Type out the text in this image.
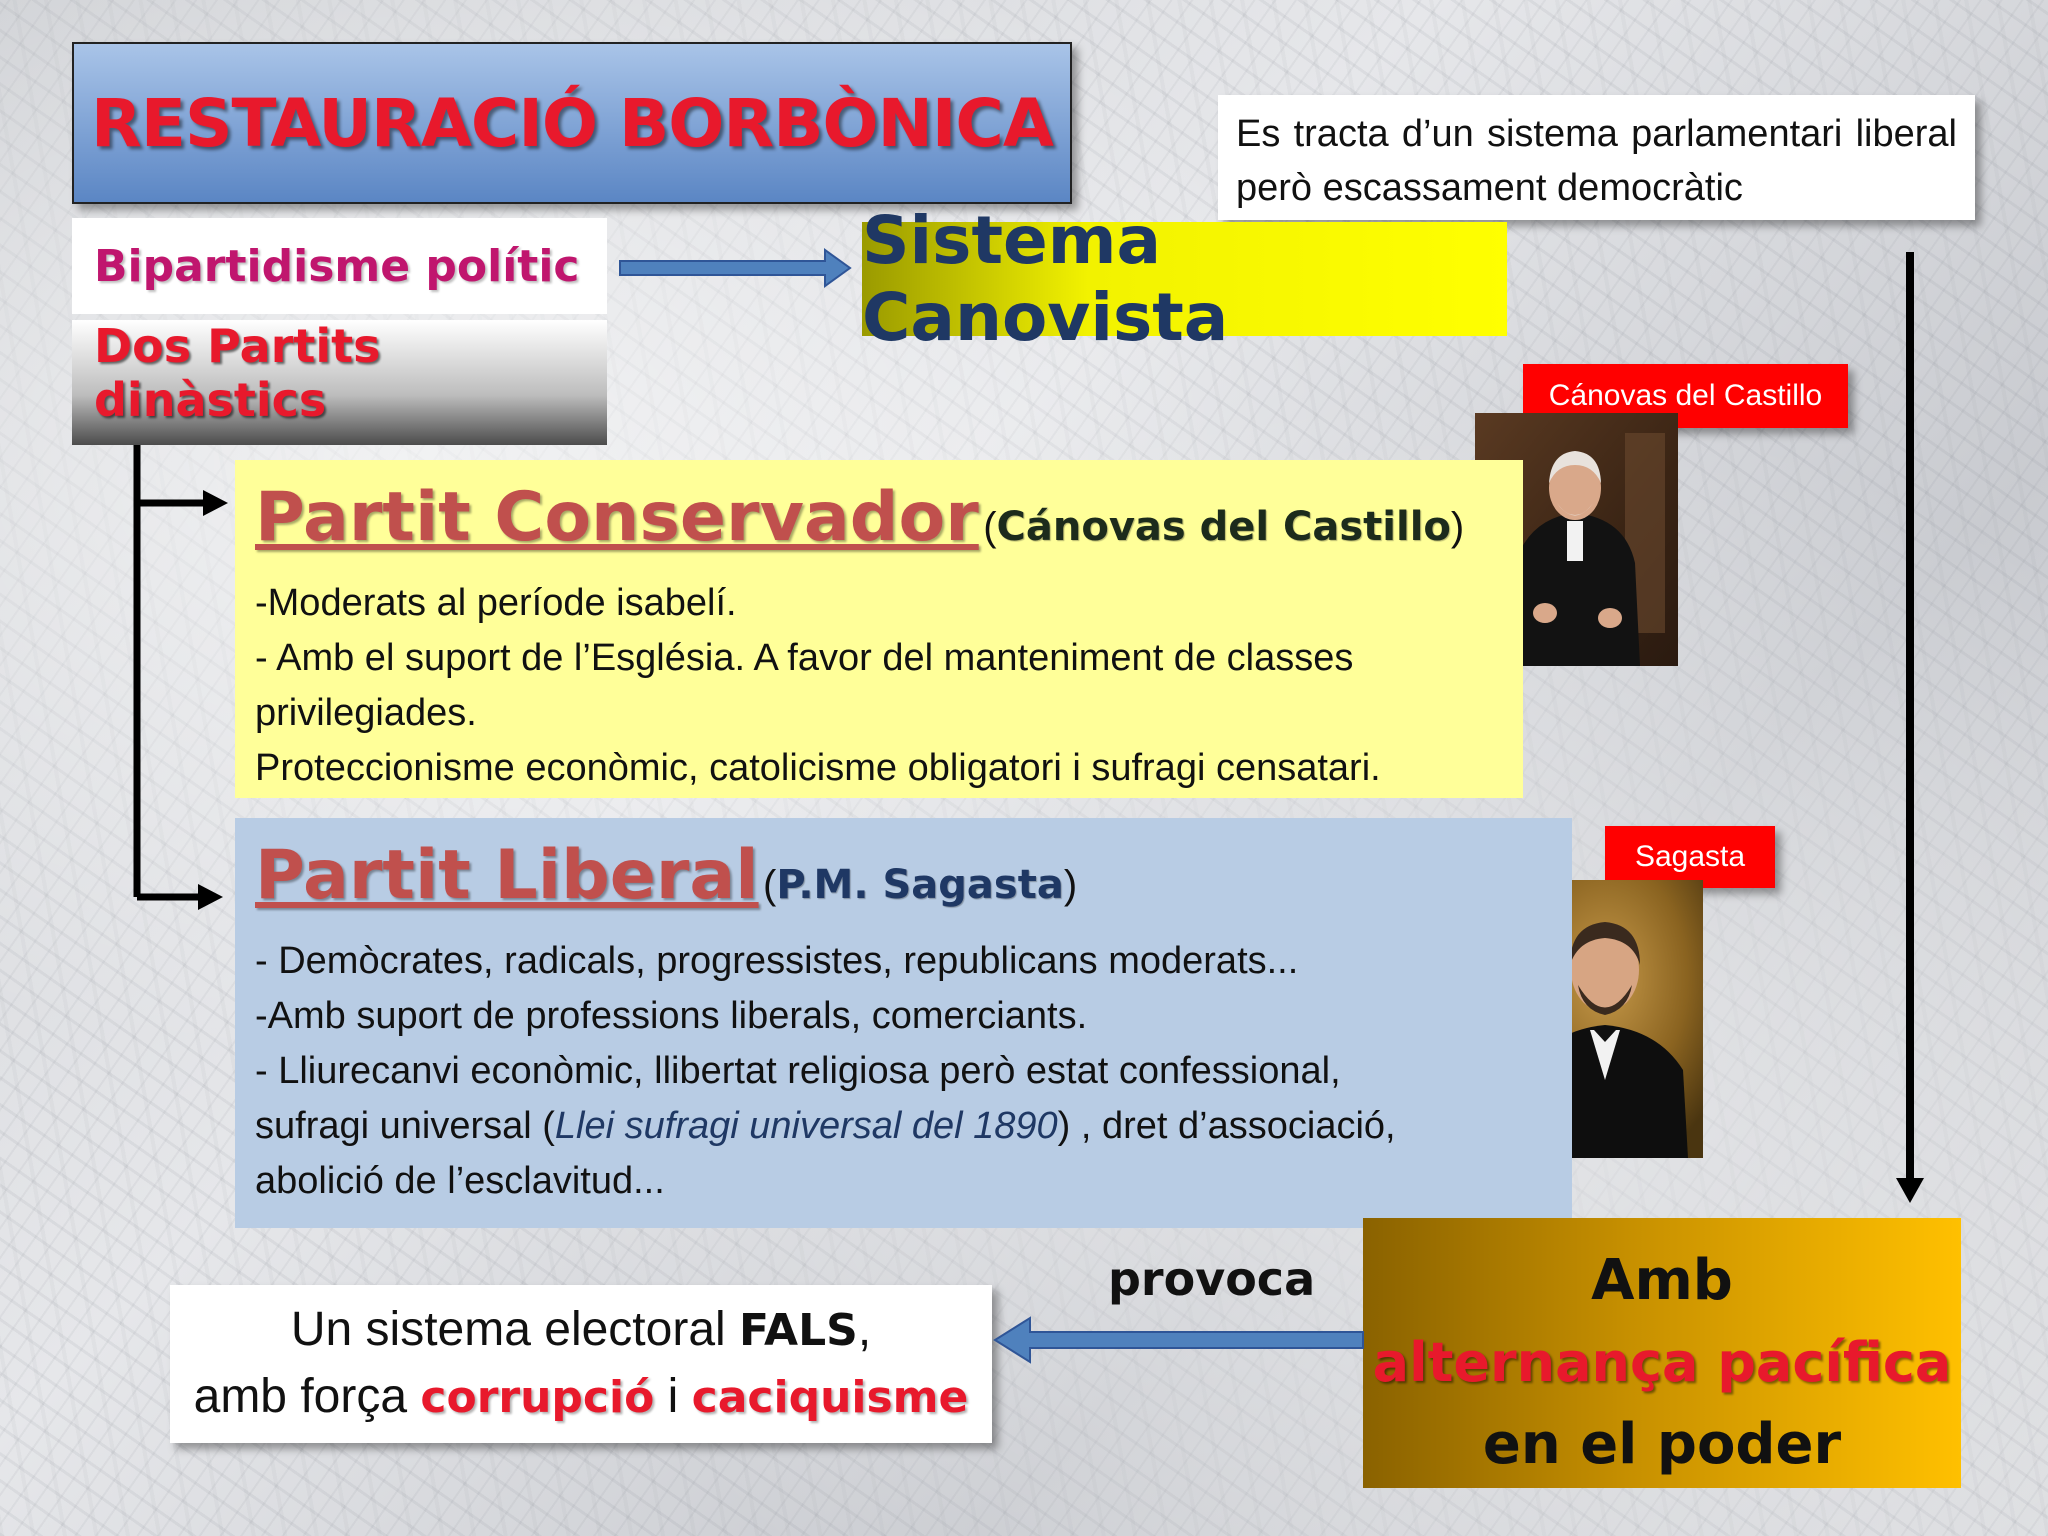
RESTAURACIÓ BORBÒNICA	Es tracta d’un sistema parlamentari liberal però escassament democràtic
Bipartidisme polític
Dos Partits dinàstics
Sistema Canovista
Cánovas del Castillo
Sagasta
Partit Conservador (Cánovas del Castillo)
-Moderats al període isabelí.
- Amb el suport de l’Església. A favor del manteniment de classes
privilegiades.
Proteccionisme econòmic, catolicisme obligatori i sufragi censatari.
Partit Liberal (P.M. Sagasta)
- Demòcrates, radicals, progressistes, republicans moderats...
-Amb suport de professions liberals, comerciants.
- Lliurecanvi econòmic, llibertat religiosa però estat confessional,
sufragi universal (Llei sufragi universal del 1890) , dret d’associació,
abolició de l’esclavitud...
Un sistema electoral FALS,
amb força corrupció i caciquisme
provoca	Amb
alternança pacífica
en el poder
